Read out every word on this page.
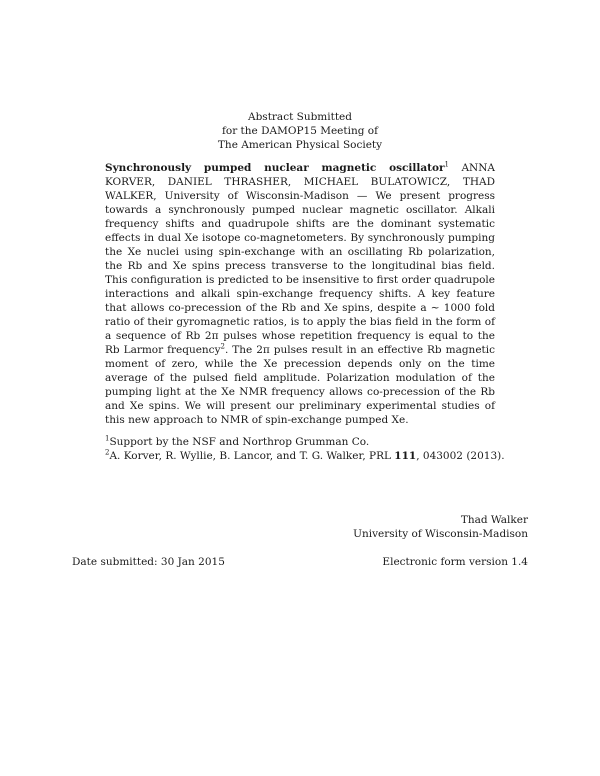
Abstract Submitted
for the DAMOP15 Meeting of
The American Physical Society
Synchronously pumped nuclear magnetic oscillator$^1$ ANNA KORVER, DANIEL THRASHER, MICHAEL BULATOWICZ, THAD WALKER, University of Wisconsin-Madison — We present progress towards a synchronously pumped nuclear magnetic oscillator. Alkali frequency shifts and quadrupole shifts are the dominant systematic effects in dual Xe isotope co-magnetometers. By synchronously pumping the Xe nuclei using spin-exchange with an oscillating Rb polarization, the Rb and Xe spins precess transverse to the longitudinal bias field. This configuration is predicted to be insensitive to first order quadrupole interactions and alkali spin-exchange frequency shifts. A key feature that allows co-precession of the Rb and Xe spins, despite a ∼ 1000 fold ratio of their gyromagnetic ratios, is to apply the bias field in the form of a sequence of Rb 2π pulses whose repetition frequency is equal to the Rb Larmor frequency$^2$. The 2π pulses result in an effective Rb magnetic moment of zero, while the Xe precession depends only on the time average of the pulsed field amplitude. Polarization modulation of the pumping light at the Xe NMR frequency allows co-precession of the Rb and Xe spins. We will present our preliminary experimental studies of this new approach to NMR of spin-exchange pumped Xe.
$^1$Support by the NSF and Northrop Grumman Co.
$^2$A. Korver, R. Wyllie, B. Lancor, and T. G. Walker, PRL 111, 043002 (2013).
Thad Walker
University of Wisconsin-Madison
Date submitted: 30 Jan 2015	Electronic form version 1.4
